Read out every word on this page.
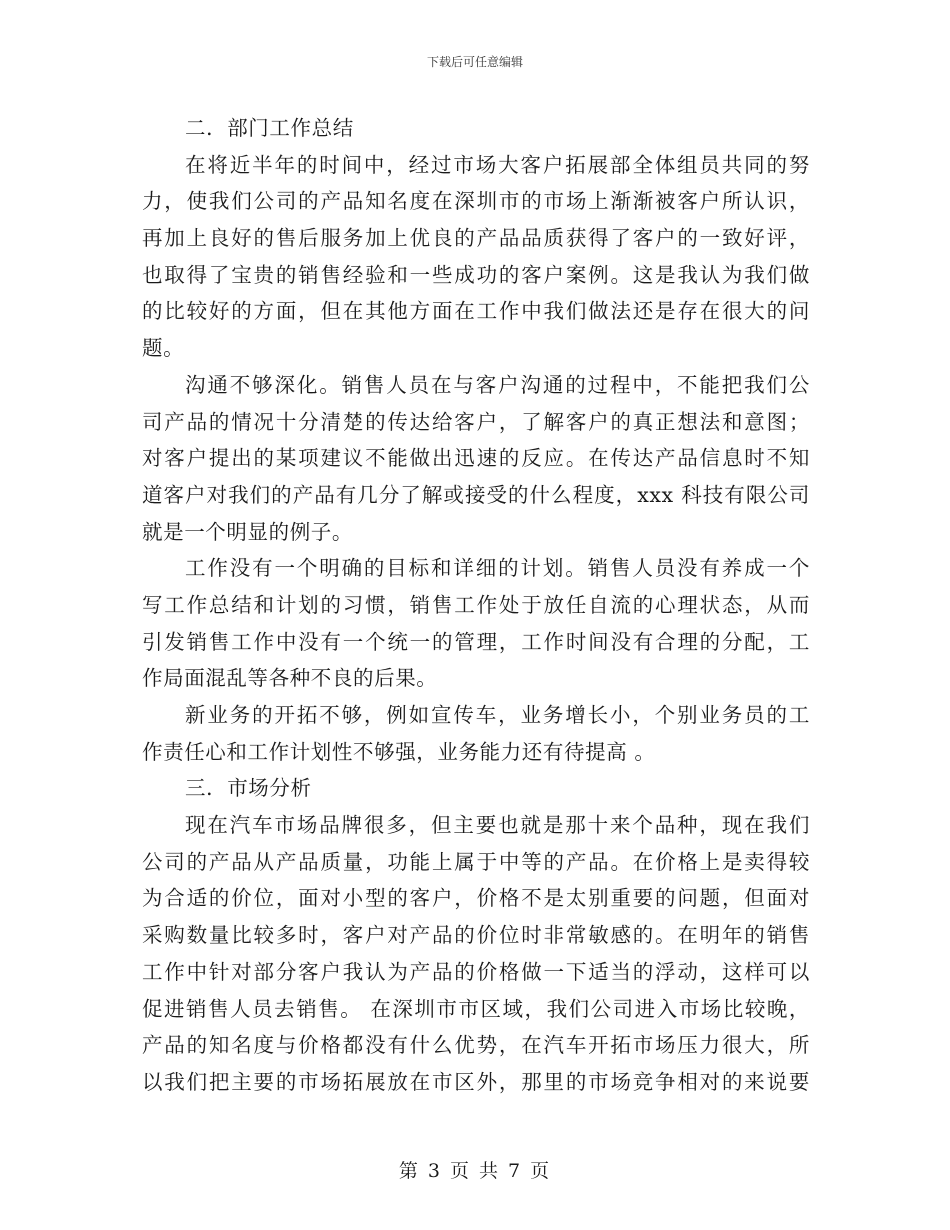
下载后可任意编辑
二．部门工作总结
在将近半年的时间中，经过市场大客户拓展部全体组员共同的努
力，使我们公司的产品知名度在深圳市的市场上渐渐被客户所认识，
再加上良好的售后服务加上优良的产品品质获得了客户的一致好评，
也取得了宝贵的销售经验和一些成功的客户案例。这是我认为我们做
的比较好的方面，但在其他方面在工作中我们做法还是存在很大的问
题。
沟通不够深化。销售人员在与客户沟通的过程中，不能把我们公
司产品的情况十分清楚的传达给客户，了解客户的真正想法和意图；
对客户提出的某项建议不能做出迅速的反应。在传达产品信息时不知
道客户对我们的产品有几分了解或接受的什么程度，xxx 科技有限公司
就是一个明显的例子。
工作没有一个明确的目标和详细的计划。销售人员没有养成一个
写工作总结和计划的习惯，销售工作处于放任自流的心理状态，从而
引发销售工作中没有一个统一的管理，工作时间没有合理的分配，工
作局面混乱等各种不良的后果。
新业务的开拓不够，例如宣传车，业务增长小，个别业务员的工
作责任心和工作计划性不够强，业务能力还有待提高 。
三．市场分析
现在汽车市场品牌很多，但主要也就是那十来个品种，现在我们
公司的产品从产品质量，功能上属于中等的产品。在价格上是卖得较
为合适的价位，面对小型的客户，价格不是太别重要的问题，但面对
采购数量比较多时，客户对产品的价位时非常敏感的。在明年的销售
工作中针对部分客户我认为产品的价格做一下适当的浮动，这样可以
促进销售人员去销售。 在深圳市市区域，我们公司进入市场比较晚，
产品的知名度与价格都没有什么优势，在汽车开拓市场压力很大，所
以我们把主要的市场拓展放在市区外，那里的市场竞争相对的来说要
第 3 页 共 7 页
